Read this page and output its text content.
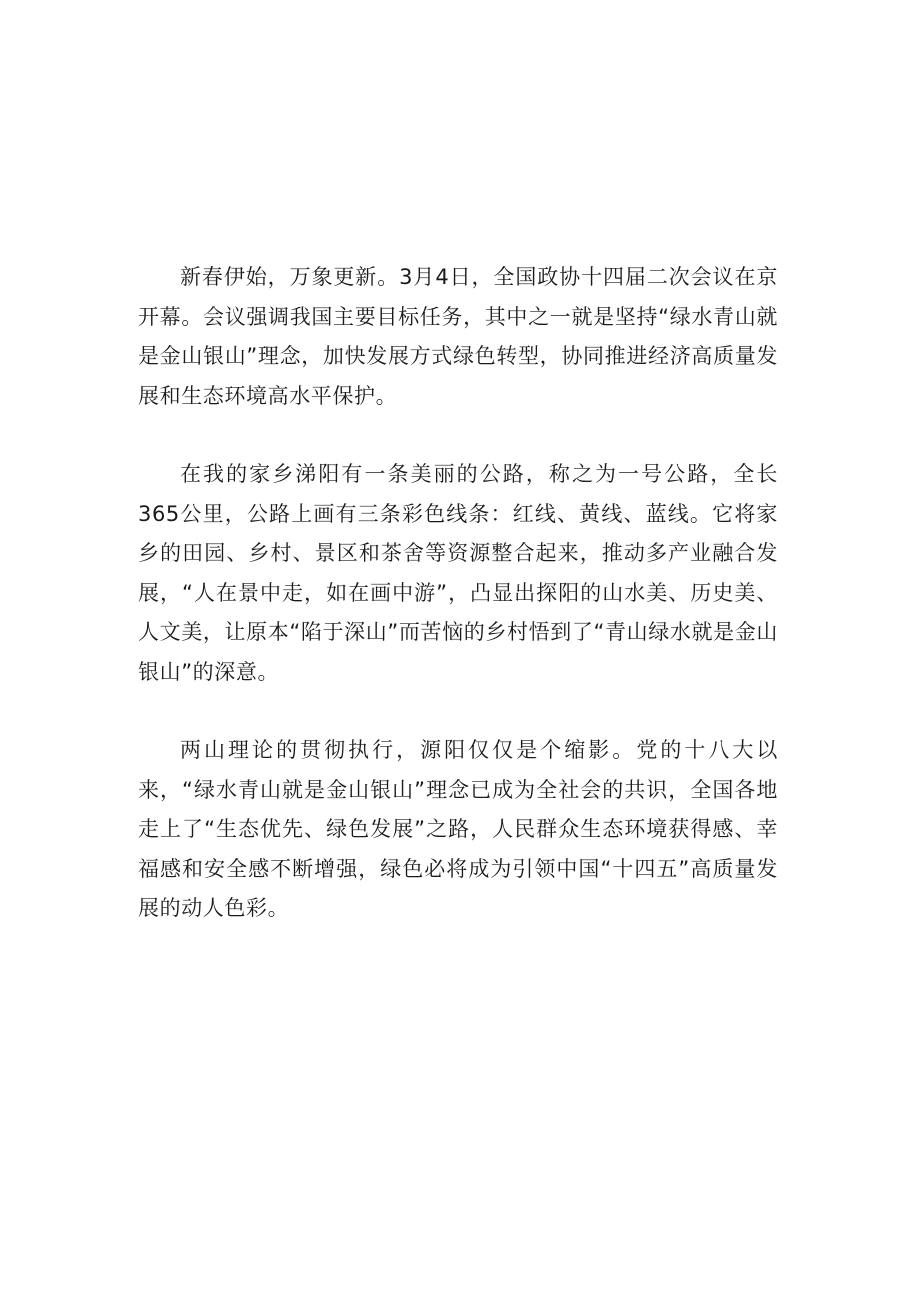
新春伊始，万象更新。3月4日，全国政协十四届二次会议在京开幕。会议强调我国主要目标任务，其中之一就是坚持“绿水青山就是金山银山”理念，加快发展方式绿色转型，协同推进经济高质量发展和生态环境高水平保护。

在我的家乡涕阳有一条美丽的公路，称之为一号公路，全长365公里，公路上画有三条彩色线条：红线、黄线、蓝线。它将家乡的田园、乡村、景区和茶舍等资源整合起来，推动多产业融合发展，“人在景中走，如在画中游”，凸显出探阳的山水美、历史美、人文美，让原本“陷于深山”而苦恼的乡村悟到了“青山绿水就是金山银山”的深意。

两山理论的贯彻执行，源阳仅仅是个缩影。党的十八大以来，“绿水青山就是金山银山”理念已成为全社会的共识，全国各地走上了“生态优先、绿色发展”之路，人民群众生态环境获得感、幸福感和安全感不断增强，绿色必将成为引领中国“十四五”高质量发展的动人色彩。
